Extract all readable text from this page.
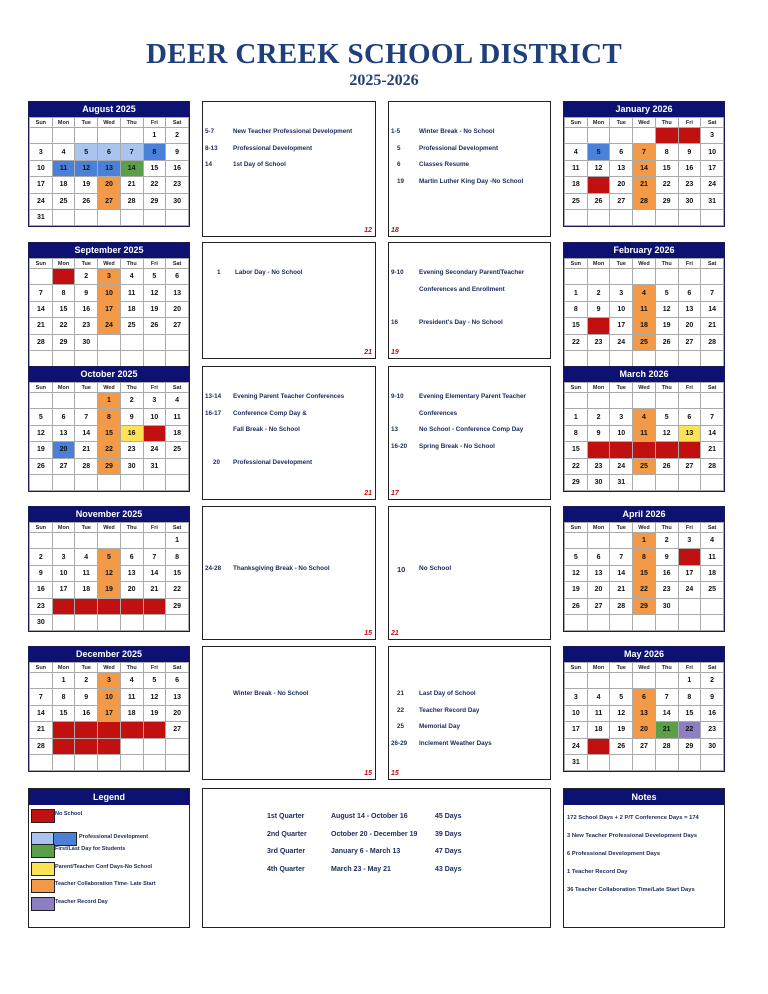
DEER CREEK SCHOOL DISTRICT
2025-2026
August 2025
Sun	Mon	Tue	Wed	Thu	Fri	Sat
					1	2
3	4	5	6	7	8	9
10	11	12	13	14	15	16
17	18	19	20	21	22	23
24	25	26	27	28	29	30
31						
January 2026
Sun	Mon	Tue	Wed	Thu	Fri	Sat
				1	2	3
4	5	6	7	8	9	10
11	12	13	14	15	16	17
18	19	20	21	22	23	24
25	26	27	28	29	30	31

September 2025
Sun	Mon	Tue	Wed	Thu	Fri	Sat
	1	2	3	4	5	6
7	8	9	10	11	12	13
14	15	16	17	18	19	20
21	22	23	24	25	26	27
28	29	30				

February 2026
Sun	Mon	Tue	Wed	Thu	Fri	Sat

1	2	3	4	5	6	7
8	9	10	11	12	13	14
15	16	17	18	19	20	21
22	23	24	25	26	27	28

October 2025
Sun	Mon	Tue	Wed	Thu	Fri	Sat
			1	2	3	4
5	6	7	8	9	10	11
12	13	14	15	16	17	18
19	20	21	22	23	24	25
26	27	28	29	30	31	

March 2026
Sun	Mon	Tue	Wed	Thu	Fri	Sat

1	2	3	4	5	6	7
8	9	10	11	12	13	14
15	16	17	18	19	20	21
22	23	24	25	26	27	28
29	30	31				
November 2025
Sun	Mon	Tue	Wed	Thu	Fri	Sat
						1
2	3	4	5	6	7	8
9	10	11	12	13	14	15
16	17	18	19	20	21	22
23	24	25	26	27	28	29
30						
April 2026
Sun	Mon	Tue	Wed	Thu	Fri	Sat
			1	2	3	4
5	6	7	8	9	10	11
12	13	14	15	16	17	18
19	20	21	22	23	24	25
26	27	28	29	30		

December 2025
Sun	Mon	Tue	Wed	Thu	Fri	Sat
	1	2	3	4	5	6
7	8	9	10	11	12	13
14	15	16	17	18	19	20
21	22	23	24	25	26	27
28	29	30	31			

May 2026
Sun	Mon	Tue	Wed	Thu	Fri	Sat
					1	2
3	4	5	6	7	8	9
10	11	12	13	14	15	16
17	18	19	20	21	22	23
24	25	26	27	28	29	30
31						
5-7	New Teacher Professional Development
8-13 Professional Development
14	1st Day of School
12
1 Labor Day - No School
21
13-14 Evening Parent Teacher Conferences
16-17 Conference Comp Day &
Fall Break - No School
20 Professional Development
21
24-28 Thanksgiving Break - No School
15
Winter Break - No School
15
1-5	Winter Break - No School
5	Professional Development
6	Classes Resume
19 Martin Luther King Day -No School
18
9-10 Evening Secondary Parent/Teacher
Conferences and Enrollment
16	President's Day - No School
19
9-10 Evening Elementary Parent Teacher
Conferences
13	No School - Conference Comp Day
16-20 Spring Break - No School
17
10 No School
21
21 Last Day of School
22 Teacher Record Day
25 Memorial Day
26-29 Inclement Weather Days
15
Legend
No School
Professional Development
First/Last Day for Students
Parent/Teacher Conf Days-No School
Teacher Collaboration Time- Late Start
Teacher Record Day
1st Quarter	August 14 - October 16	45 Days
2nd Quarter	October 20 - December 19	39 Days
3rd Quarter	January 6 - March 13	47 Days
4th Quarter	March 23 - May 21	43 Days
Notes
172 School Days + 2 P/T Conference Days = 174
3 New Teacher Professional Development Days
6 Professional Development Days
1 Teacher Record Day
36 Teacher Collaboration Time/Late Start Days
